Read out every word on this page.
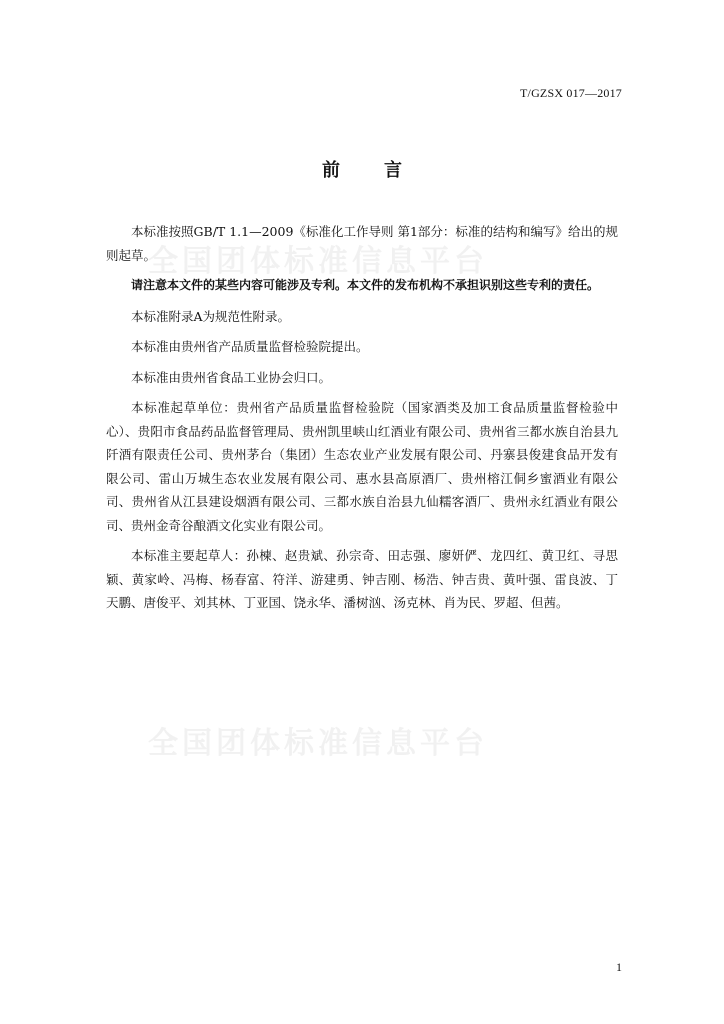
全国团体标准信息平台
全国团体标准信息平台
T/GZSX 017—2017
前言

本标准按照GB/T 1.1—2009《标准化工作导则 第1部分：标准的结构和编写》给出的规则起草。

请注意本文件的某些内容可能涉及专利。本文件的发布机构不承担识别这些专利的责任。

本标准附录A为规范性附录。

本标准由贵州省产品质量监督检验院提出。

本标准由贵州省食品工业协会归口。

本标准起草单位：贵州省产品质量监督检验院（国家酒类及加工食品质量监督检验中心）、贵阳市食品药品监督管理局、贵州凯里峡山红酒业有限公司、贵州省三都水族自治县九阡酒有限责任公司、贵州茅台（集团）生态农业产业发展有限公司、丹寨县俊建食品开发有限公司、雷山万城生态农业发展有限公司、惠水县高原酒厂、贵州榕江侗乡蜜酒业有限公司、贵州省从江县建设烟酒有限公司、三都水族自治县九仙糯客酒厂、贵州永红酒业有限公司、贵州金奇谷酿酒文化实业有限公司。

本标准主要起草人：孙楝、赵贵斌、孙宗奇、田志强、廖妍俨、龙四红、黄卫红、寻思颖、黄家岭、冯梅、杨春富、符洋、游建勇、钟吉刚、杨浩、钟吉贵、黄叶强、雷良波、丁天鹏、唐俊平、刘其林、丁亚国、饶永华、潘树汹、汤克林、肖为民、罗超、但茜。

1
